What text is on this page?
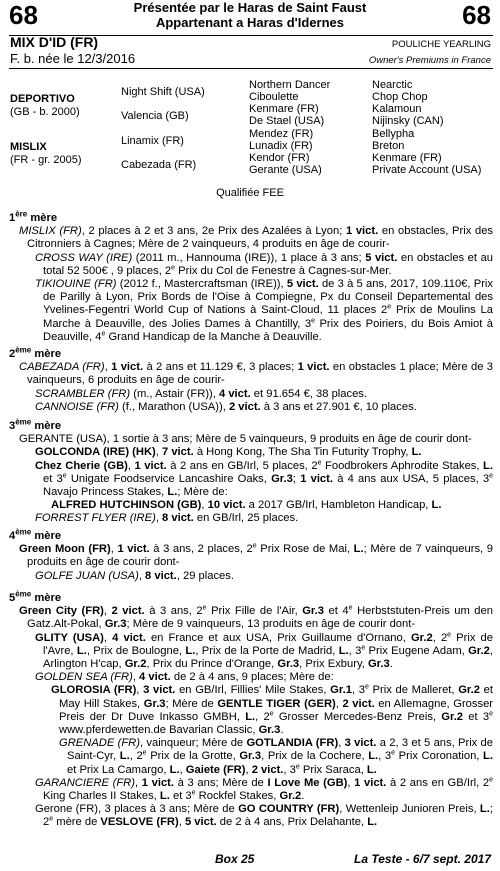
68	68
Présentée par le Haras de Saint Faust
Appartenant a Haras d'Idernes
MIX D'ID (FR)
F. b. née le 12/3/2016
POULICHE YEARLING
Owner's Premiums in France
DEPORTIVO
(GB - b. 2000)
MISLIX
(FR - gr. 2005)
Night Shift (USA)
Valencia (GB)
Linamix (FR)
Cabezada (FR)
Northern Dancer
Ciboulette
Kenmare (FR)
De Stael (USA)
Mendez (FR)
Lunadix (FR)
Kendor (FR)
Gerante (USA)
Nearctic
Chop Chop
Kalamoun
Nijinsky (CAN)
Bellypha
Breton
Kenmare (FR)
Private Account (USA)
Qualifiée FEE

1ère mère

MISLIX (FR), 2 places à 2 et 3 ans, 2e Prix des Azalées à Lyon; 1 vict. en obstacles, Prix des Citronniers à Cagnes; Mère de 2 vainqueurs, 4 produits en âge de courir-

CROSS WAY (IRE) (2011 m., Hannouma (IRE)), 1 place à 3 ans; 5 vict. en obstacles et au total 52 500€ , 9 places, 2e Prix du Col de Fenestre à Cagnes-sur-Mer.

TIKIOUINE (FR) (2012 f., Mastercraftsman (IRE)), 5 vict. de 3 à 5 ans, 2017, 109.110€, Prix de Parilly à Lyon, Prix Bords de l'Oise à Compiegne, Px du Conseil Departemental des Yvelines-Fegentri World Cup of Nations à Saint-Cloud, 11 places 2e Prix de Moulins La Marche à Deauville, des Jolies Dames à Chantilly, 3e Prix des Poiriers, du Bois Amiot à Deauville, 4e Grand Handicap de la Manche à Deauville.

2ème mère

CABEZADA (FR), 1 vict. à 2 ans et 11.129 €, 3 places; 1 vict. en obstacles 1 place; Mère de 3 vainqueurs, 6 produits en âge de courir-

SCRAMBLER (FR) (m., Astair (FR)), 4 vict. et 91.654 €, 38 places.

CANNOISE (FR) (f., Marathon (USA)), 2 vict. à 3 ans et 27.901 €, 10 places.

3ème mère

GERANTE (USA), 1 sortie à 3 ans; Mère de 5 vainqueurs, 9 produits en âge de courir dont-

GOLCONDA (IRE) (HK), 7 vict. à Hong Kong, The Sha Tin Futurity Trophy, L.

Chez Cherie (GB), 1 vict. à 2 ans en GB/Irl, 5 places, 2e Foodbrokers Aphrodite Stakes, L. et 3e Unigate Foodservice Lancashire Oaks, Gr.3; 1 vict. à 4 ans aux USA, 5 places, 3e Navajo Princess Stakes, L.; Mère de:

ALFRED HUTCHINSON (GB), 10 vict. a 2017 GB/Irl, Hambleton Handicap, L.

FORREST FLYER (IRE), 8 vict. en GB/Irl, 25 places.

4ème mère

Green Moon (FR), 1 vict. à 3 ans, 2 places, 2e Prix Rose de Mai, L.; Mère de 7 vainqueurs, 9 produits en âge de courir dont-

GOLFE JUAN (USA), 8 vict., 29 places.

5ème mère

Green City (FR), 2 vict. à 3 ans, 2e Prix Fille de l'Air, Gr.3 et 4e Herbststuten-Preis um den Gatz.Alt-Pokal, Gr.3; Mère de 9 vainqueurs, 13 produits en âge de courir dont-

GLITY (USA), 4 vict. en France et aux USA, Prix Guillaume d'Ornano, Gr.2, 2e Prix de l'Avre, L., Prix de Boulogne, L., Prix de la Porte de Madrid, L., 3e Prix Eugene Adam, Gr.2, Arlington H'cap, Gr.2, Prix du Prince d'Orange, Gr.3, Prix Exbury, Gr.3.

GOLDEN SEA (FR), 4 vict. de 2 à 4 ans, 9 places; Mère de:

GLOROSIA (FR), 3 vict. en GB/Irl, Fillies' Mile Stakes, Gr.1, 3e Prix de Malleret, Gr.2 et May Hill Stakes, Gr.3; Mère de GENTLE TIGER (GER), 2 vict. en Allemagne, Grosser Preis der Dr Duve Inkasso GMBH, L., 2e Grosser Mercedes-Benz Preis, Gr.2 et 3e www.pferdewetten.de Bavarian Classic, Gr.3.

GRENADE (FR), vainqueur; Mère de GOTLANDIA (FR), 3 vict. a 2, 3 et 5 ans, Prix de Saint-Cyr, L., 2e Prix de la Grotte, Gr.3, Prix de la Cochere, L., 3e Prix Coronation, L. et Prix La Camargo, L., Gaiete (FR), 2 vict., 3e Prix Saraca, L.

GARANCIERE (FR), 1 vict. à 3 ans; Mère de I Love Me (GB), 1 vict. à 2 ans en GB/Irl, 2e King Charles II Stakes, L. et 3e Rockfel Stakes, Gr.2.

Gerone (FR), 3 places à 3 ans; Mère de GO COUNTRY (FR), Wettenleip Junioren Preis, L.; 2e mère de VESLOVE (FR), 5 vict. de 2 à 4 ans, Prix Delahante, L.

Box 25	La Teste - 6/7 sept. 2017
